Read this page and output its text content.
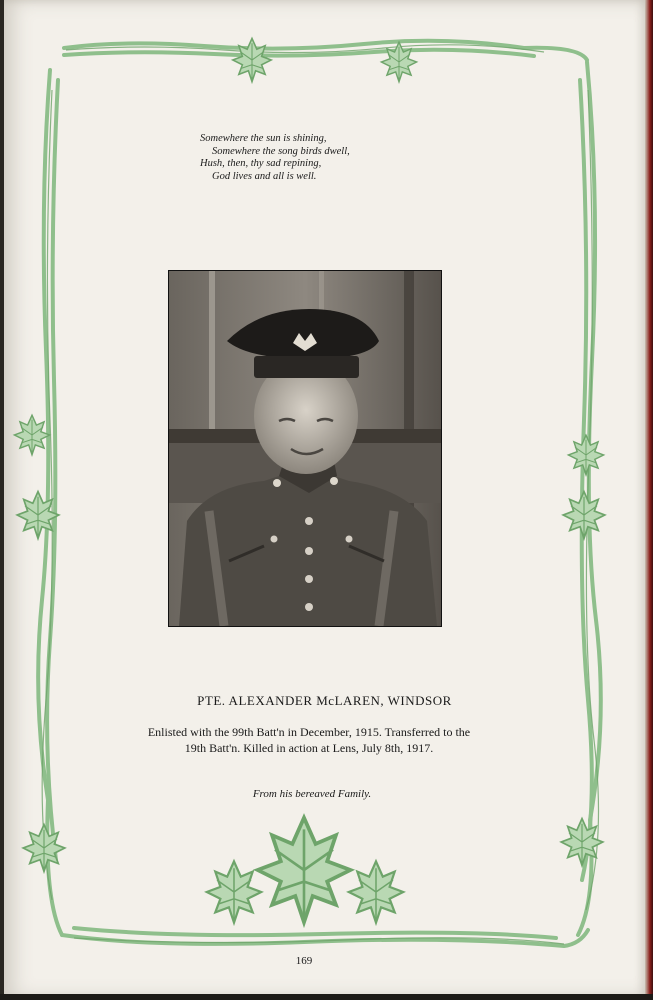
Somewhere the sun is shining,
Somewhere the song birds dwell,
Hush, then, thy sad repining,
God lives and all is well.
PTE. ALEXANDER McLAREN, WINDSOR
Enlisted with the 99th Batt'n in December, 1915. Transferred to the
19th Batt'n. Killed in action at Lens, July 8th, 1917.
From his bereaved Family.
169
